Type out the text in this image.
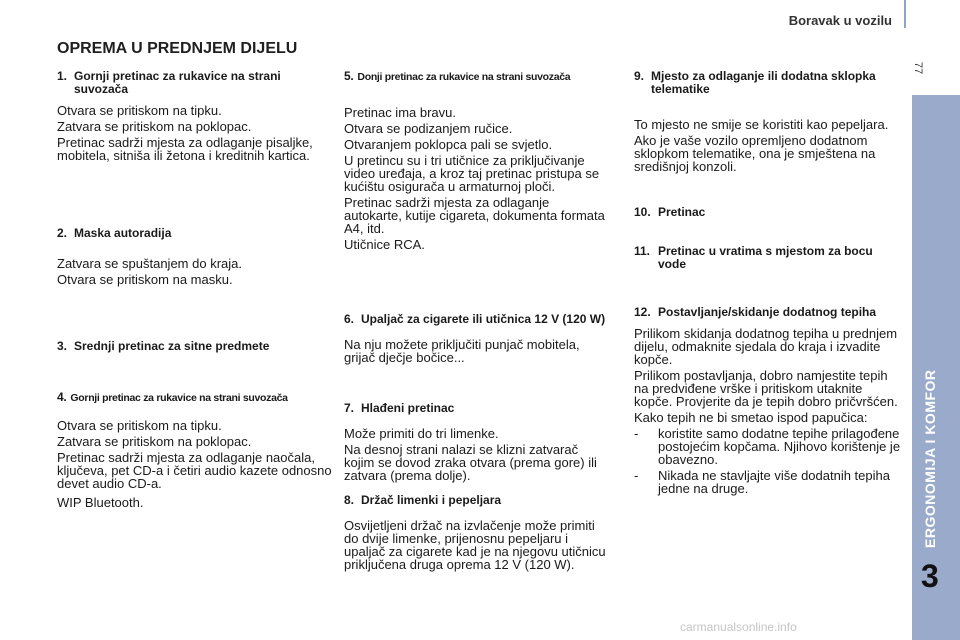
Boravak u vozilu
77
ERGONOMIJA I KOMFOR
3
OPREMA U PREDNJEM DIJELU
1. Gornji pretinac za rukavice na strani suvozača

Otvara se pritiskom na tipku.

Zatvara se pritiskom na poklopac.

Pretinac sadrži mjesta za odlaganje pisaljke, mobitela, sitniša ili žetona i kreditnih kartica.

2. Maska autoradija

Zatvara se spuštanjem do kraja.

Otvara se pritiskom na masku.

3. Srednji pretinac za sitne predmete
4. Gornji pretinac za rukavice na strani suvozača

Otvara se pritiskom na tipku.

Zatvara se pritiskom na poklopac.

Pretinac sadrži mjesta za odlaganje naočala, ključeva, pet CD-a i četiri audio kazete odnosno devet audio CD-a.

WIP Bluetooth.

5. Donji pretinac za rukavice na strani suvozača

Pretinac ima bravu.

Otvara se podizanjem ručice.

Otvaranjem poklopca pali se svjetlo.

U pretincu su i tri utičnice za priključivanje video uređaja, a kroz taj pretinac pristupa se kućištu osigurača u armaturnoj ploči.

Pretinac sadrži mjesta za odlaganje autokarte, kutije cigareta, dokumenta formata A4, itd.

Utičnice RCA.

6. Upaljač za cigarete ili utičnica 12 V (120 W)

Na nju možete priključiti punjač mobitela, grijač dječje bočice...

7. Hlađeni pretinac

Može primiti do tri limenke.

Na desnoj strani nalazi se klizni zatvarač kojim se dovod zraka otvara (prema gore) ili zatvara (prema dolje).

8. Držač limenki i pepeljara

Osvijetljeni držač na izvlačenje može primiti do dvije limenke, prijenosnu pepeljaru i upaljač za cigarete kad je na njegovu utičnicu priključena druga oprema 12 V (120 W).

9. Mjesto za odlaganje ili dodatna sklopka telematike

To mjesto ne smije se koristiti kao pepeljara.

Ako je vaše vozilo opremljeno dodatnom sklopkom telematike, ona je smještena na središnjoj konzoli.

10. Pretinac
11. Pretinac u vratima s mjestom za bocu vode
12. Postavljanje/skidanje dodatnog tepiha

Prilikom skidanja dodatnog tepiha u prednjem dijelu, odmaknite sjedala do kraja i izvadite kopče.

Prilikom postavljanja, dobro namjestite tepih na predviđene vrške i pritiskom utaknite kopče. Provjerite da je tepih dobro pričvršćen.

Kako tepih ne bi smetao ispod papučica:

- koristite samo dodatne tepihe prilagođene postojećim kopčama. Njihovo korištenje je obavezno.
- Nikada ne stavljajte više dodatnih tepiha jedne na druge.
carmanualsonline.info
